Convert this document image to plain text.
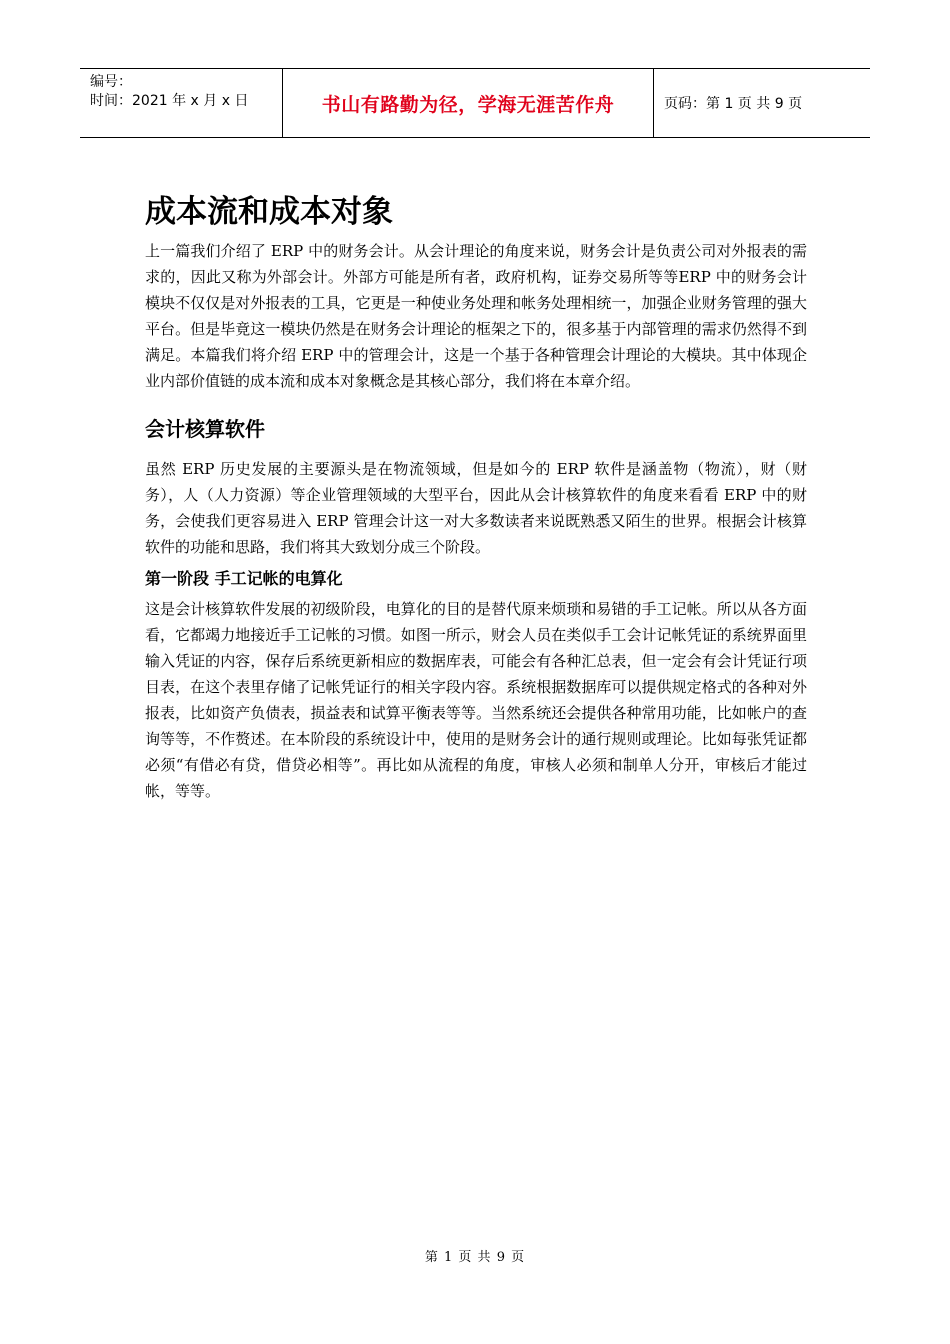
编号：
时间：2021 年 x 月 x 日	书山有路勤为径，学海无涯苦作舟	页码：第 1 页 共 9 页
成本流和成本对象

上一篇我们介绍了 ERP 中的财务会计。从会计理论的角度来说，财务会计是负责公司对外报表的需求的，因此又称为外部会计。外部方可能是所有者，政府机构，证券交易所等等ERP 中的财务会计模块不仅仅是对外报表的工具，它更是一种使业务处理和帐务处理相统一，加强企业财务管理的强大平台。但是毕竟这一模块仍然是在财务会计理论的框架之下的，很多基于内部管理的需求仍然得不到满足。本篇我们将介绍 ERP 中的管理会计，这是一个基于各种管理会计理论的大模块。其中体现企业内部价值链的成本流和成本对象概念是其核心部分，我们将在本章介绍。

会计核算软件

虽然 ERP 历史发展的主要源头是在物流领域，但是如今的 ERP 软件是涵盖物（物流），财（财务），人（人力资源）等企业管理领域的大型平台，因此从会计核算软件的角度来看看 ERP 中的财务，会使我们更容易进入 ERP 管理会计这一对大多数读者来说既熟悉又陌生的世界。根据会计核算软件的功能和思路，我们将其大致划分成三个阶段。

第一阶段 手工记帐的电算化

这是会计核算软件发展的初级阶段，电算化的目的是替代原来烦琐和易错的手工记帐。所以从各方面看，它都竭力地接近手工记帐的习惯。如图一所示，财会人员在类似手工会计记帐凭证的系统界面里输入凭证的内容，保存后系统更新相应的数据库表，可能会有各种汇总表，但一定会有会计凭证行项目表，在这个表里存储了记帐凭证行的相关字段内容。系统根据数据库可以提供规定格式的各种对外报表，比如资产负债表，损益表和试算平衡表等等。当然系统还会提供各种常用功能，比如帐户的查询等等，不作赘述。在本阶段的系统设计中，使用的是财务会计的通行规则或理论。比如每张凭证都必须“有借必有贷，借贷必相等”。再比如从流程的角度，审核人必须和制单人分开，审核后才能过帐，等等。

第 1 页 共 9 页
